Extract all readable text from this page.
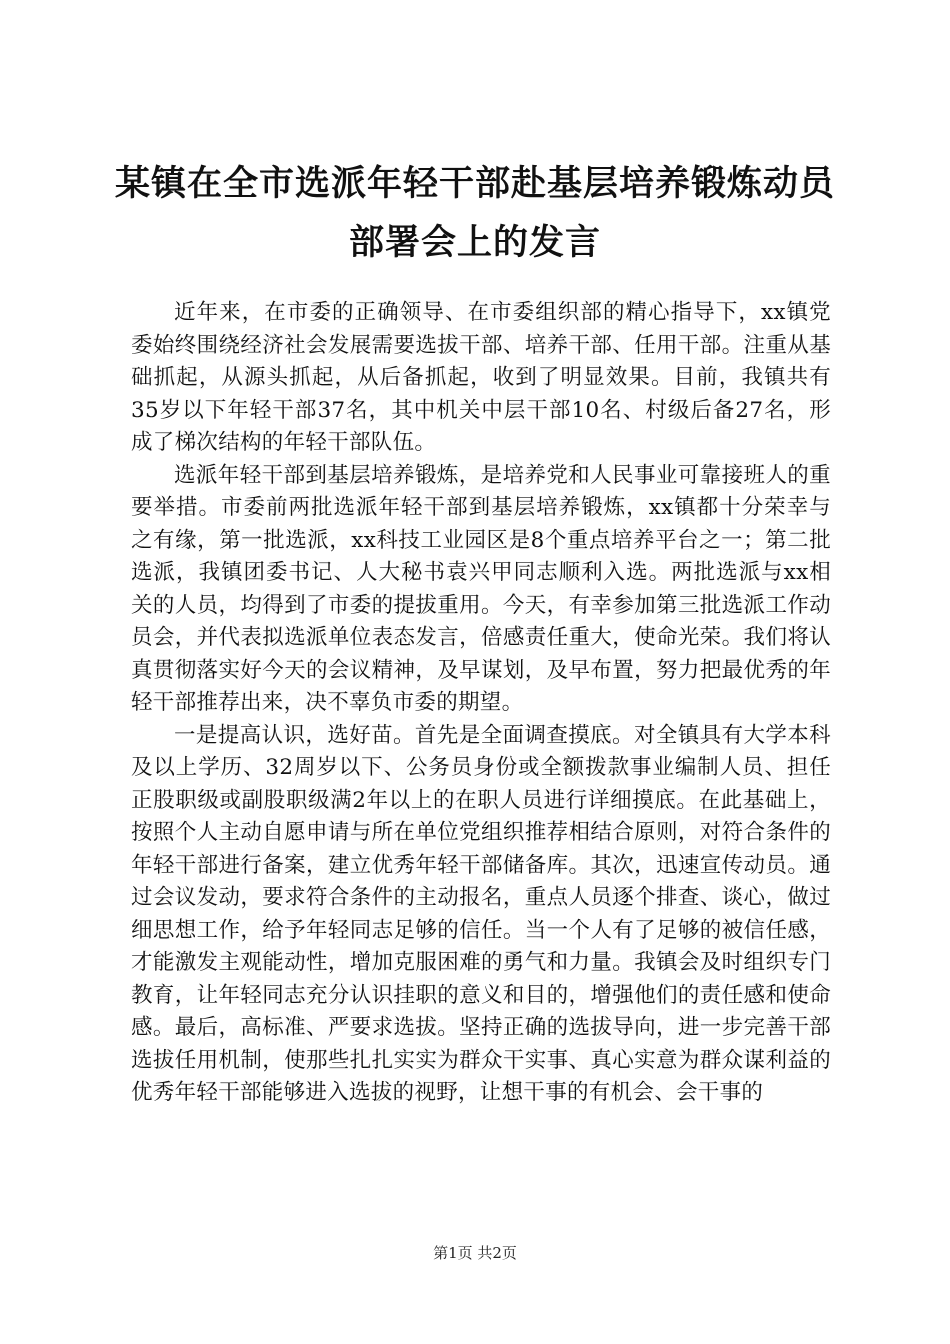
某镇在全市选派年轻干部赴基层培养锻炼动员
部署会上的发言

近年来，在市委的正确领导、在市委组织部的精心指导下，xx镇党委始终围绕经济社会发展需要选拔干部、培养干部、任用干部。注重从基础抓起，从源头抓起，从后备抓起，收到了明显效果。目前，我镇共有35岁以下年轻干部37名，其中机关中层干部10名、村级后备27名，形成了梯次结构的年轻干部队伍。

选派年轻干部到基层培养锻炼，是培养党和人民事业可靠接班人的重要举措。市委前两批选派年轻干部到基层培养锻炼，xx镇都十分荣幸与之有缘，第一批选派，xx科技工业园区是8个重点培养平台之一；第二批选派，我镇团委书记、人大秘书袁兴甲同志顺利入选。两批选派与xx相关的人员，均得到了市委的提拔重用。今天，有幸参加第三批选派工作动员会，并代表拟选派单位表态发言，倍感责任重大，使命光荣。我们将认真贯彻落实好今天的会议精神，及早谋划，及早布置，努力把最优秀的年轻干部推荐出来，决不辜负市委的期望。

一是提高认识，选好苗。首先是全面调查摸底。对全镇具有大学本科及以上学历、32周岁以下、公务员身份或全额拨款事业编制人员、担任正股职级或副股职级满2年以上的在职人员进行详细摸底。在此基础上，按照个人主动自愿申请与所在单位党组织推荐相结合原则，对符合条件的年轻干部进行备案，建立优秀年轻干部储备库。其次，迅速宣传动员。通过会议发动，要求符合条件的主动报名，重点人员逐个排查、谈心，做过细思想工作，给予年轻同志足够的信任。当一个人有了足够的被信任感，才能激发主观能动性，增加克服困难的勇气和力量。我镇会及时组织专门教育，让年轻同志充分认识挂职的意义和目的，增强他们的责任感和使命感。最后，高标准、严要求选拔。坚持正确的选拔导向，进一步完善干部选拔任用机制，使那些扎扎实实为群众干实事、真心实意为群众谋利益的优秀年轻干部能够进入选拔的视野，让想干事的有机会、会干事的

第1页 共2页
